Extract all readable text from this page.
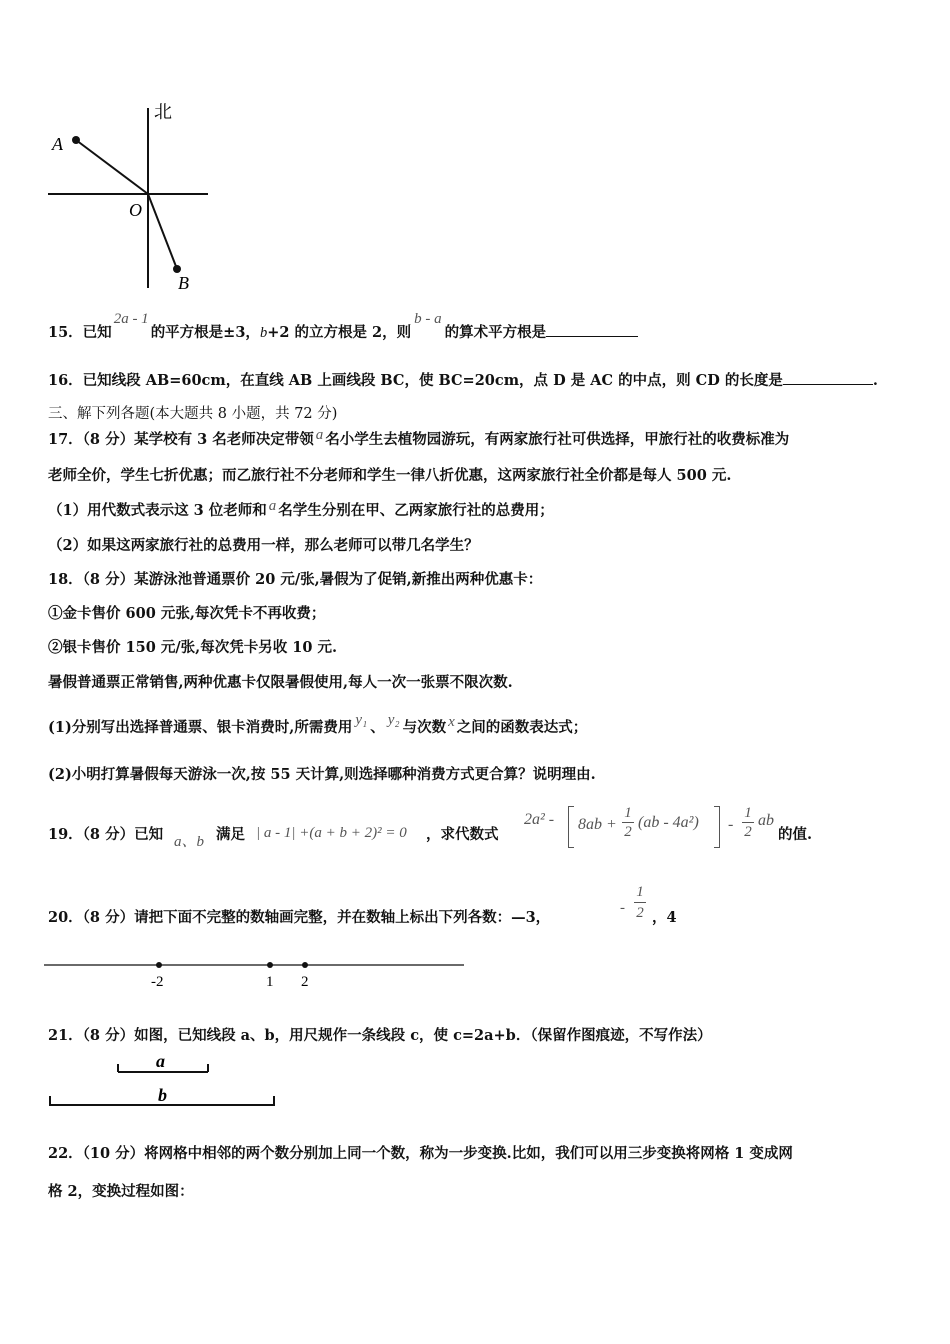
北
A
O
B
15．已知2a - 1的平方根是±3，b+2 的立方根是 2，则b - a的算术平方根是
16．已知线段 AB=60cm，在直线 AB 上画线段 BC，使 BC=20cm，点 D 是 AC 的中点，则 CD 的长度是	.
三、解下列各题(本大题共 8 小题，共 72 分)
17．（8 分）某学校有 3 名老师决定带领 a 名小学生去植物园游玩，有两家旅行社可供选择，甲旅行社的收费标准为
老师全价，学生七折优惠；而乙旅行社不分老师和学生一律八折优惠，这两家旅行社全价都是每人 500 元.
（1）用代数式表示这 3 位老师和 a 名学生分别在甲、乙两家旅行社的总费用；
（2）如果这两家旅行社的总费用一样，那么老师可以带几名学生？
18．（8 分）某游泳池普通票价 20 元/张,暑假为了促销,新推出两种优惠卡：
①金卡售价 600 元张,每次凭卡不再收费；
②银卡售价 150 元/张,每次凭卡另收 10 元.
暑假普通票正常销售,两种优惠卡仅限暑假使用,每人一次一张票不限次数.
(1)分别写出选择普通票、银卡消费时,所需费用 y₁ 、 y₂ 与次数 x 之间的函数表达式；
(2)小明打算暑假每天游泳一次,按 55 天计算,则选择哪种消费方式更合算？说明理由.
19．（8 分）已知 a、b 满足 | a - 1| +(a + b + 2)² = 0 ，求代数式
2a² - 8ab +
1
2
(ab - 4a²) -
1
2
ab
的值.
20．（8 分）请把下面不完整的数轴画完整，并在数轴上标出下列各数：—3，
-
1
2 ，4
-2	1 2
21．（8 分）如图，已知线段 a、b，用尺规作一条线段 c，使 c=2a+b．（保留作图痕迹，不写作法）
a
b
22．（10 分）将网格中相邻的两个数分别加上同一个数，称为一步变换.比如，我们可以用三步变换将网格 1 变成网
格 2，变换过程如图：
